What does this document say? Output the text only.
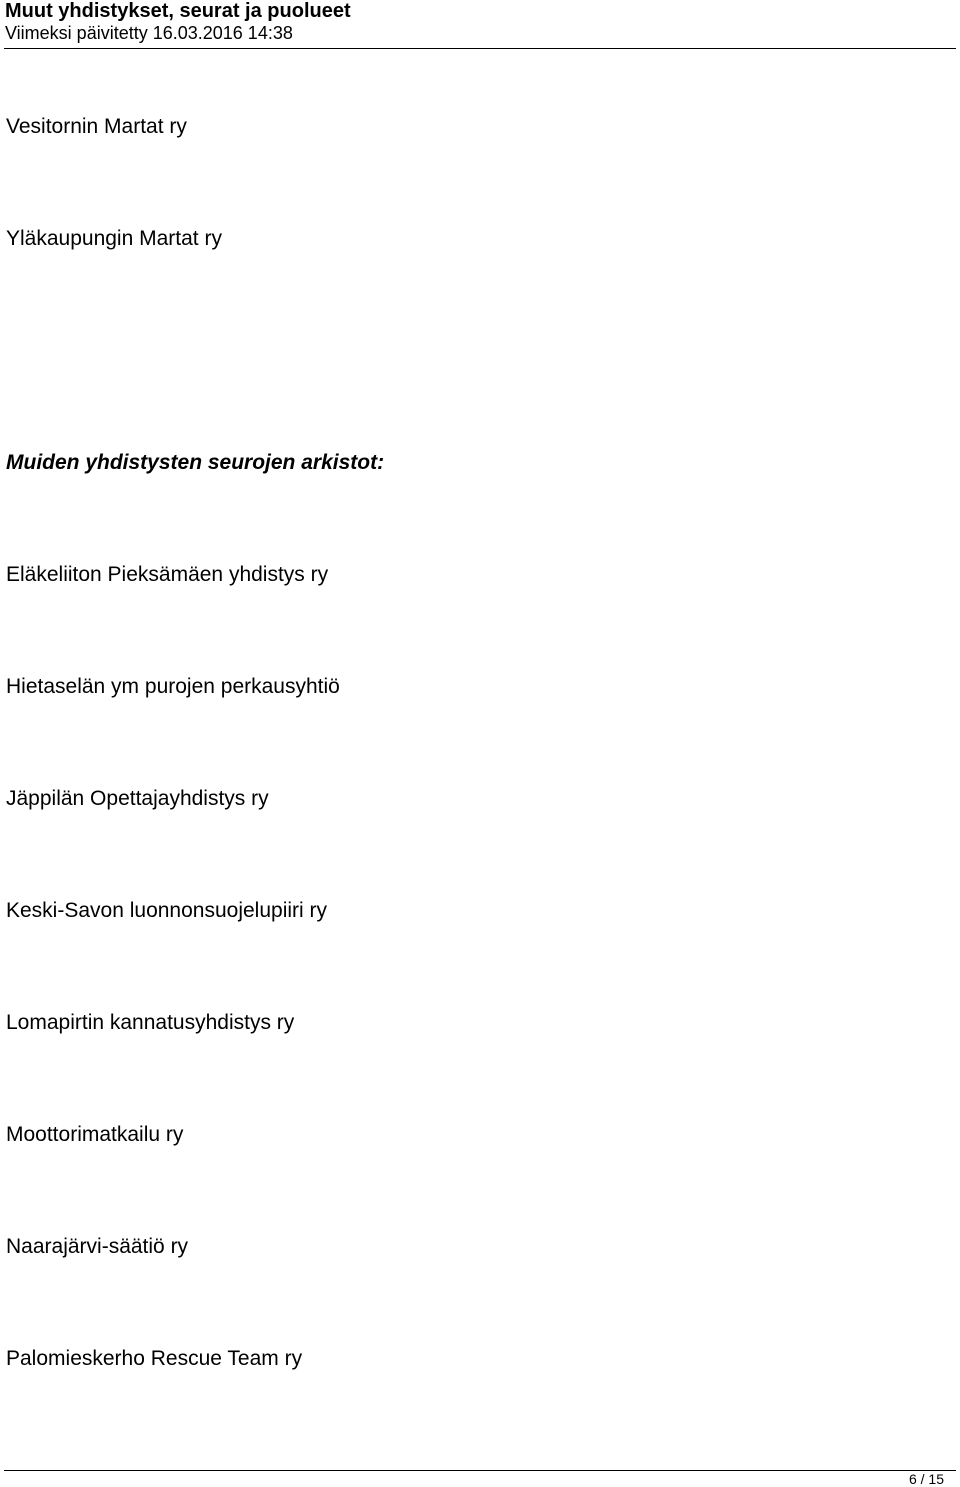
Muut yhdistykset, seurat ja puolueet
Viimeksi päivitetty 16.03.2016 14:38
Vesitornin Martat ry
Yläkaupungin Martat ry
Muiden yhdistysten seurojen arkistot:
Eläkeliiton Pieksämäen yhdistys ry
Hietaselän ym purojen perkausyhtiö
Jäppilän Opettajayhdistys ry
Keski-Savon luonnonsuojelupiiri ry
Lomapirtin kannatusyhdistys ry
Moottorimatkailu ry
Naarajärvi-säätiö ry
Palomieskerho Rescue Team ry
6 / 15
